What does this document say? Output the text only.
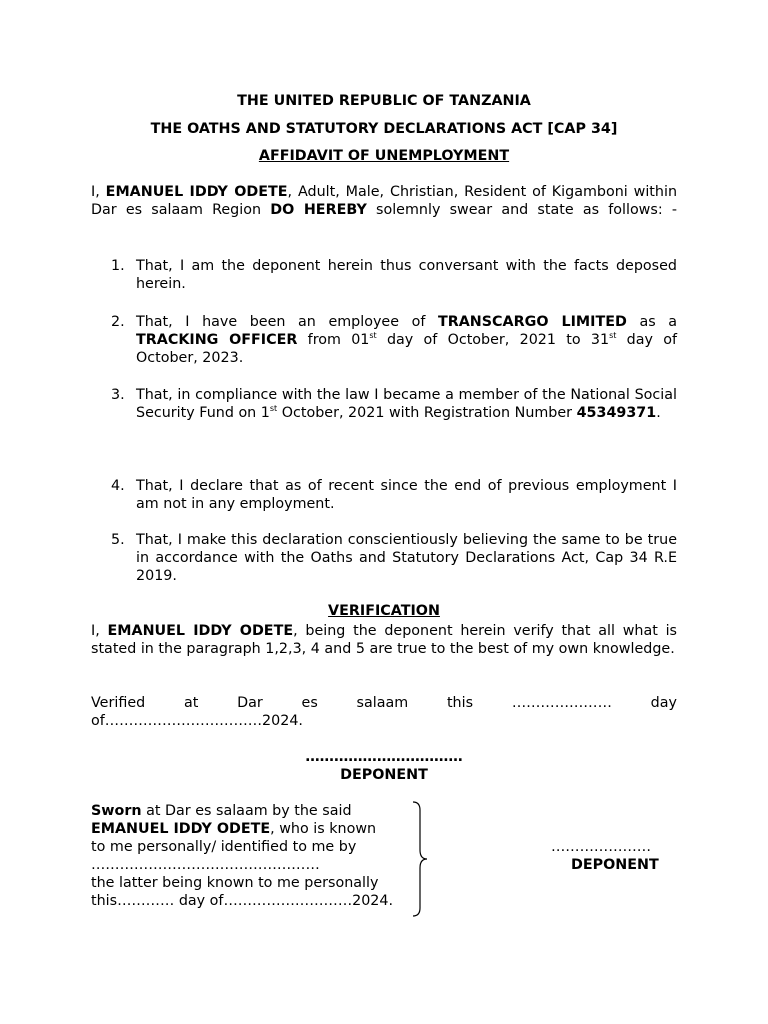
THE UNITED REPUBLIC OF TANZANIA
THE OATHS AND STATUTORY DECLARATIONS ACT [CAP 34]
AFFIDAVIT OF UNEMPLOYMENT
I, EMANUEL IDDY ODETE, Adult, Male, Christian, Resident of Kigamboni within Dar es salaam Region DO HEREBY solemnly swear and state as follows: -
1. That, I am the deponent herein thus conversant with the facts deposed herein.
2. That, I have been an employee of TRANSCARGO LIMITED as a TRACKING OFFICER from 01st day of October, 2021 to 31st day of October, 2023.
3. That, in compliance with the law I became a member of the National Social Security Fund on 1st October, 2021 with Registration Number 45349371.
4. That, I declare that as of recent since the end of previous employment I am not in any employment.
5. That, I make this declaration conscientiously believing the same to be true in accordance with the Oaths and Statutory Declarations Act, Cap 34 R.E 2019.
VERIFICATION
I, EMANUEL IDDY ODETE, being the deponent herein verify that all what is stated in the paragraph 1,2,3, 4 and 5 are true to the best of my own knowledge.
Verified	at	Dar	es	salaam	this	…………………	day
of……………………………2024.
……………………………
DEPONENT
Sworn at Dar es salaam by the said
EMANUEL IDDY ODETE, who is known
to me personally/ identified to me by
…………………………………………
the latter being known to me personally
this………… day of………………………2024.
…………………
DEPONENT
